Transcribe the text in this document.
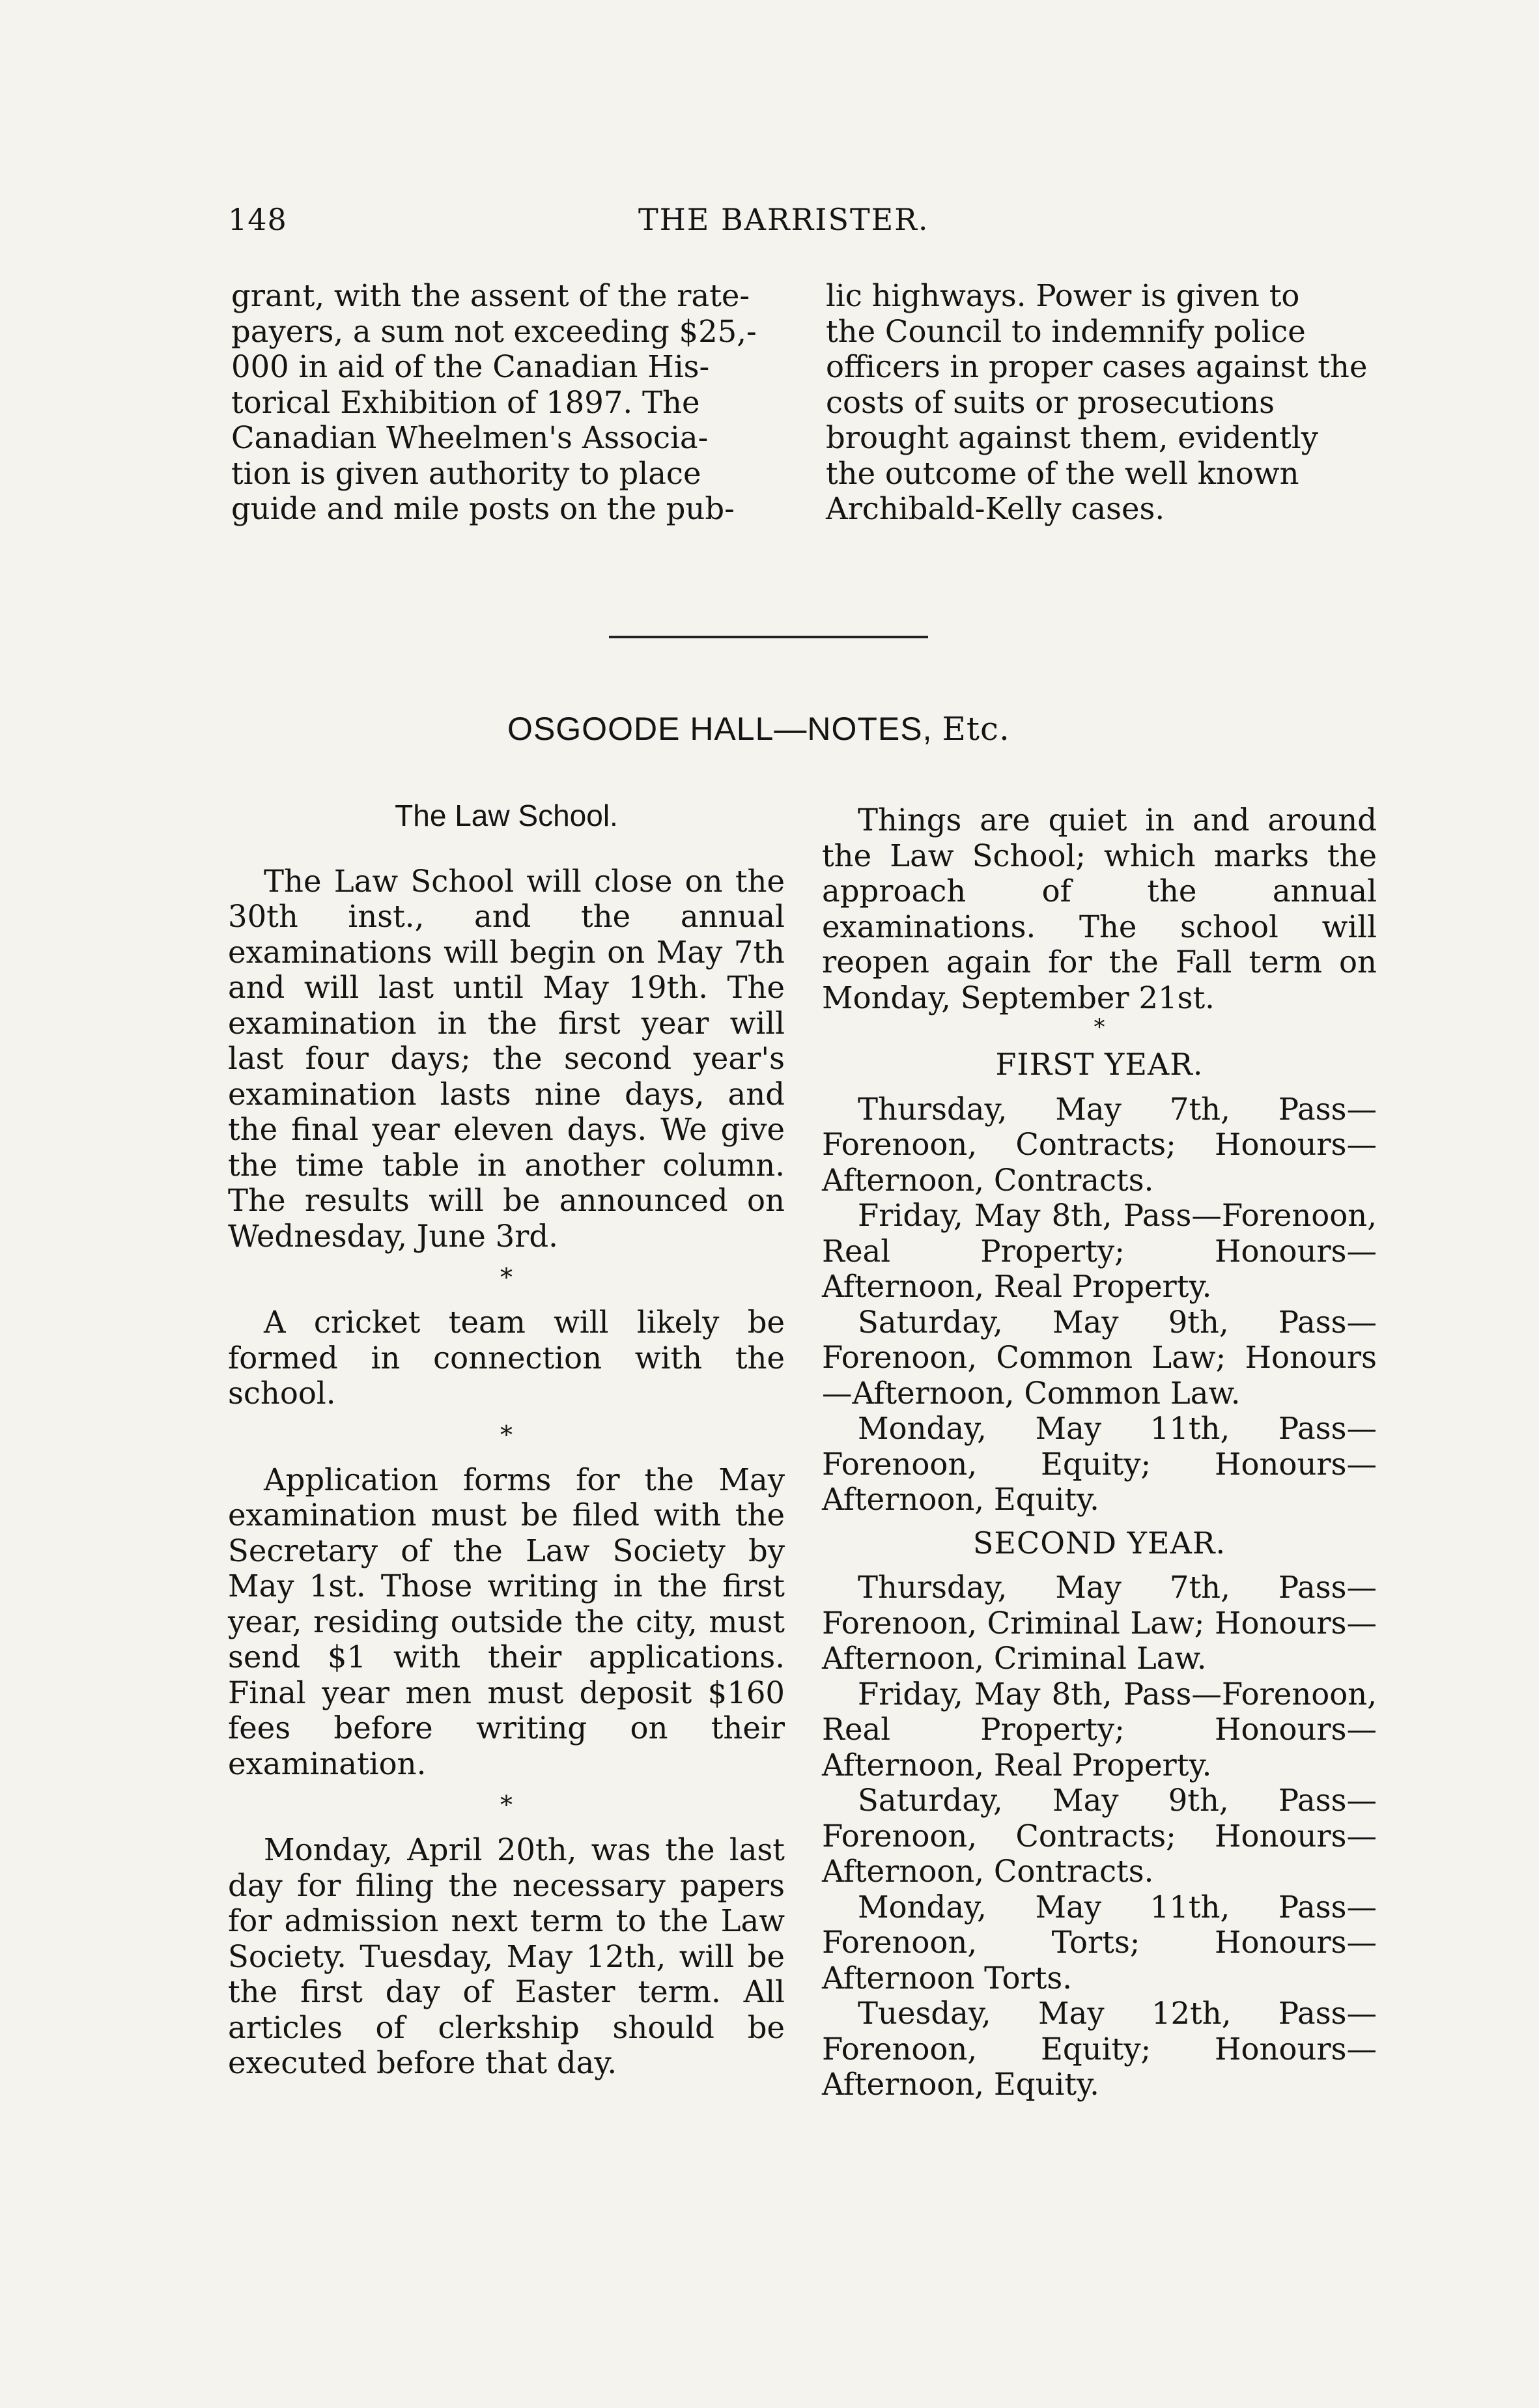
148	THE BARRISTER.
grant, with the assent of the rate-
payers, a sum not exceeding $25,-
000 in aid of the Canadian His-
torical Exhibition of 1897. The
Canadian Wheelmen's Associa-
tion is given authority to place
guide and mile posts on the pub-
lic highways. Power is given to
the Council to indemnify police
officers in proper cases against the
costs of suits or prosecutions
brought against them, evidently
the outcome of the well known
Archibald-Kelly cases.
OSGOODE HALL—NOTES, Etc.
The Law School.

The Law School will close on the 30th inst., and the annual examinations will begin on May 7th and will last until May 19th. The examination in the first year will last four days; the second year's examination lasts nine days, and the final year eleven days. We give the time table in another column. The results will be announced on Wednesday, June 3rd.

*

A cricket team will likely be formed in connection with the school.

*

Application forms for the May examination must be filed with the Secretary of the Law Society by May 1st. Those writing in the first year, residing outside the city, must send $1 with their applications. Final year men must deposit $160 fees before writing on their examination.

*

Monday, April 20th, was the last day for filing the necessary papers for admission next term to the Law Society. Tuesday, May 12th, will be the first day of Easter term. All articles of clerkship should be executed before that day.

Things are quiet in and around the Law School; which marks the approach of the annual examinations. The school will reopen again for the Fall term on Monday, September 21st.

*
FIRST YEAR.

Thursday, May 7th, Pass—Forenoon, Contracts; Honours—Afternoon, Contracts.

Friday, May 8th, Pass—Forenoon, Real Property; Honours—Afternoon, Real Property.

Saturday, May 9th, Pass—Forenoon, Common Law; Honours—Afternoon, Common Law.

Monday, May 11th, Pass—Forenoon, Equity; Honours—Afternoon, Equity.

SECOND YEAR.

Thursday, May 7th, Pass—Forenoon, Criminal Law; Honours—Afternoon, Criminal Law.

Friday, May 8th, Pass—Forenoon, Real Property; Honours—Afternoon, Real Property.

Saturday, May 9th, Pass—Forenoon, Contracts; Honours—Afternoon, Contracts.

Monday, May 11th, Pass—Forenoon, Torts; Honours—Afternoon Torts.

Tuesday, May 12th, Pass—Forenoon, Equity; Honours—Afternoon, Equity.
